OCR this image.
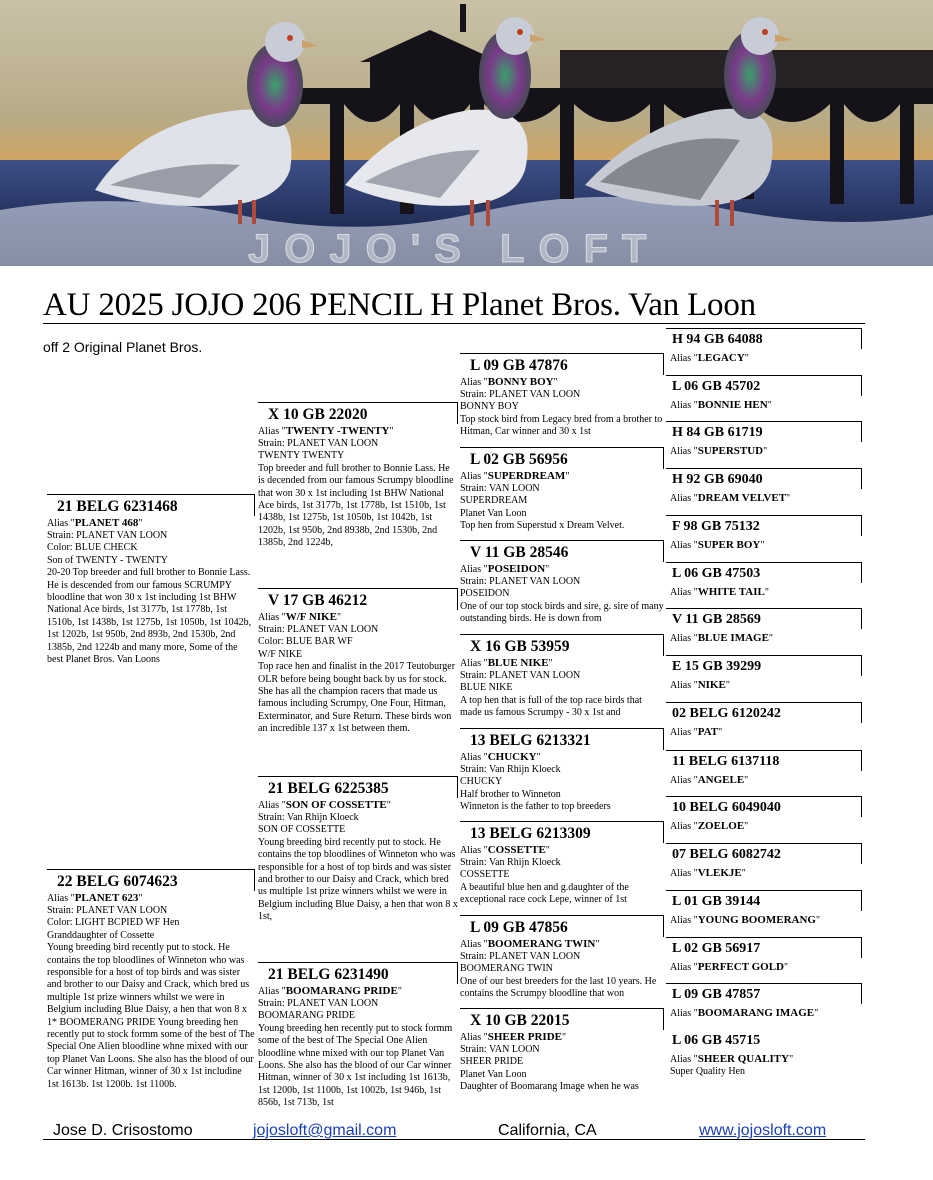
JOJO'S LOFT
AU 2025 JOJO 206 PENCIL H Planet Bros. Van Loon
off 2 Original Planet Bros.
21 BELG 6231468
Alias "PLANET 468"
Strain: PLANET VAN LOON
Color: BLUE CHECK
Son of TWENTY - TWENTY

20-20 Top breeder and full brother to Bonnie Lass. He is descended from our famous SCRUMPY bloodline that won 30 x 1st including 1st BHW National Ace birds, 1st 3177b, 1st 1778b, 1st 1510b, 1st 1438b, 1st 1275b, 1st 1050b, 1st 1042b, 1st 1202b, 1st 950b, 2nd 893b, 2nd 1530b, 2nd 1385b, 2nd 1224b and many more, Some of the best Planet Bros. Van Loons

22 BELG 6074623
Alias "PLANET 623"
Strain: PLANET VAN LOON
Color: LIGHT BCPIED WF Hen
Granddaughter of Cossette

Young breeding bird recently put to stock. He contains the top bloodlines of Winneton who was responsible for a host of top birds and was sister and brother to our Daisy and Crack, which bred us multiple 1st prize winners whilst we were in Belgium including Blue Daisy, a hen that won 8 x 1* BOOMERANG PRIDE Young breeding hen recently put to stock formm some of the best of The Special One Alien bloodline whne mixed with our top Planet Van Loons. She also has the blood of our Car winner Hitman, winner of 30 x 1st includine 1st 1613b. 1st 1200b. 1st 1100b.

X 10 GB 22020
Alias "TWENTY -TWENTY"
Strain: PLANET VAN LOON
TWENTY TWENTY

Top breeder and full brother to Bonnie Lass. He is decended from our famous Scrumpy bloodline that won 30 x 1st including 1st BHW National Ace birds, 1st 3177b, 1st 1778b, 1st 1510b, 1st 1438b, 1st 1275b, 1st 1050b, 1st 1042b, 1st 1202b, 1st 950b, 2nd 8938b, 2nd 1530b, 2nd 1385b, 2nd 1224b,

V 17 GB 46212
Alias "W/F NIKE"
Strain: PLANET VAN LOON
Color: BLUE BAR WF
W/F NIKE

Top race hen and finalist in the 2017 Teutoburger OLR before being bought back by us for stock. She has all the champion racers that made us famous including Scrumpy, One Four, Hitman, Exterminator, and Sure Return. These birds won an incredible 137 x 1st between them.

21 BELG 6225385
Alias "SON OF COSSETTE"
Strain: Van Rhijn Kloeck
SON OF COSSETTE

Young breeding bird recently put to stock. He contains the top bloodlines of Winneton who was responsible for a host of top birds and was sister and brother to our Daisy and Crack, which bred us multiple 1st prize winners whilst we were in Belgium including Blue Daisy, a hen that won 8 x 1st,

21 BELG 6231490
Alias "BOOMARANG PRIDE"
Strain: PLANET VAN LOON
BOOMARANG PRIDE

Young breeding hen recently put to stock formm some of the best of The Special One Alien bloodline whne mixed with our top Planet Van Loons. She also has the blood of our Car winner Hitman, winner of 30 x 1st including 1st 1613b, 1st 1200b, 1st 1100b, 1st 1002b, 1st 946b, 1st 856b, 1st 713b, 1st

L 09 GB 47876
Alias "BONNY BOY"
Strain: PLANET VAN LOON
BONNY BOY

Top stock bird from Legacy bred from a brother to Hitman, Car winner and 30 x 1st

L 02 GB 56956
Alias "SUPERDREAM"
Strain: VAN LOON
SUPERDREAM
Planet Van Loon

Top hen from Superstud x Dream Velvet.

V 11 GB 28546
Alias "POSEIDON"
Strain: PLANET VAN LOON
POSEIDON

One of our top stock birds and sire, g. sire of many outstanding birds. He is down from

X 16 GB 53959
Alias "BLUE NIKE"
Strain: PLANET VAN LOON
BLUE NIKE

A top hen that is full of the top race birds that made us famous Scrumpy - 30 x 1st and

13 BELG 6213321
Alias "CHUCKY"
Strain: Van Rhijn Kloeck
CHUCKY
Half brother to Winneton

Winneton is the father to top breeders

13 BELG 6213309
Alias "COSSETTE"
Strain: Van Rhijn Kloeck
COSSETTE

A beautiful blue hen and g.daughter of the exceptional race cock Lepe, winner of 1st

L 09 GB 47856
Alias "BOOMERANG TWIN"
Strain: PLANET VAN LOON
BOOMERANG TWIN

One of our best breeders for the last 10 years. He contains the Scrumpy bloodline that won

X 10 GB 22015
Alias "SHEER PRIDE"
Strain: VAN LOON
SHEER PRIDE
Planet Van Loon

Daughter of Boomarang Image when he was

H 94 GB 64088
Alias "LEGACY"
L 06 GB 45702
Alias "BONNIE HEN"
H 84 GB 61719
Alias "SUPERSTUD"
H 92 GB 69040
Alias "DREAM VELVET"
F 98 GB 75132
Alias "SUPER BOY"
L 06 GB 47503
Alias "WHITE TAIL"
V 11 GB 28569
Alias "BLUE IMAGE"
E 15 GB 39299
Alias "NIKE"
02 BELG 6120242
Alias "PAT"
11 BELG 6137118
Alias "ANGELE"
10 BELG 6049040
Alias "ZOELOE"
07 BELG 6082742
Alias "VLEKJE"
L 01 GB 39144
Alias "YOUNG BOOMERANG"
L 02 GB 56917
Alias "PERFECT GOLD"
L 09 GB 47857
Alias "BOOMARANG IMAGE"
L 06 GB 45715
Alias "SHEER QUALITY"
Super Quality Hen
Jose D. Crisostomo	jojosloft@gmail.com	California, CA	www.jojosloft.com
